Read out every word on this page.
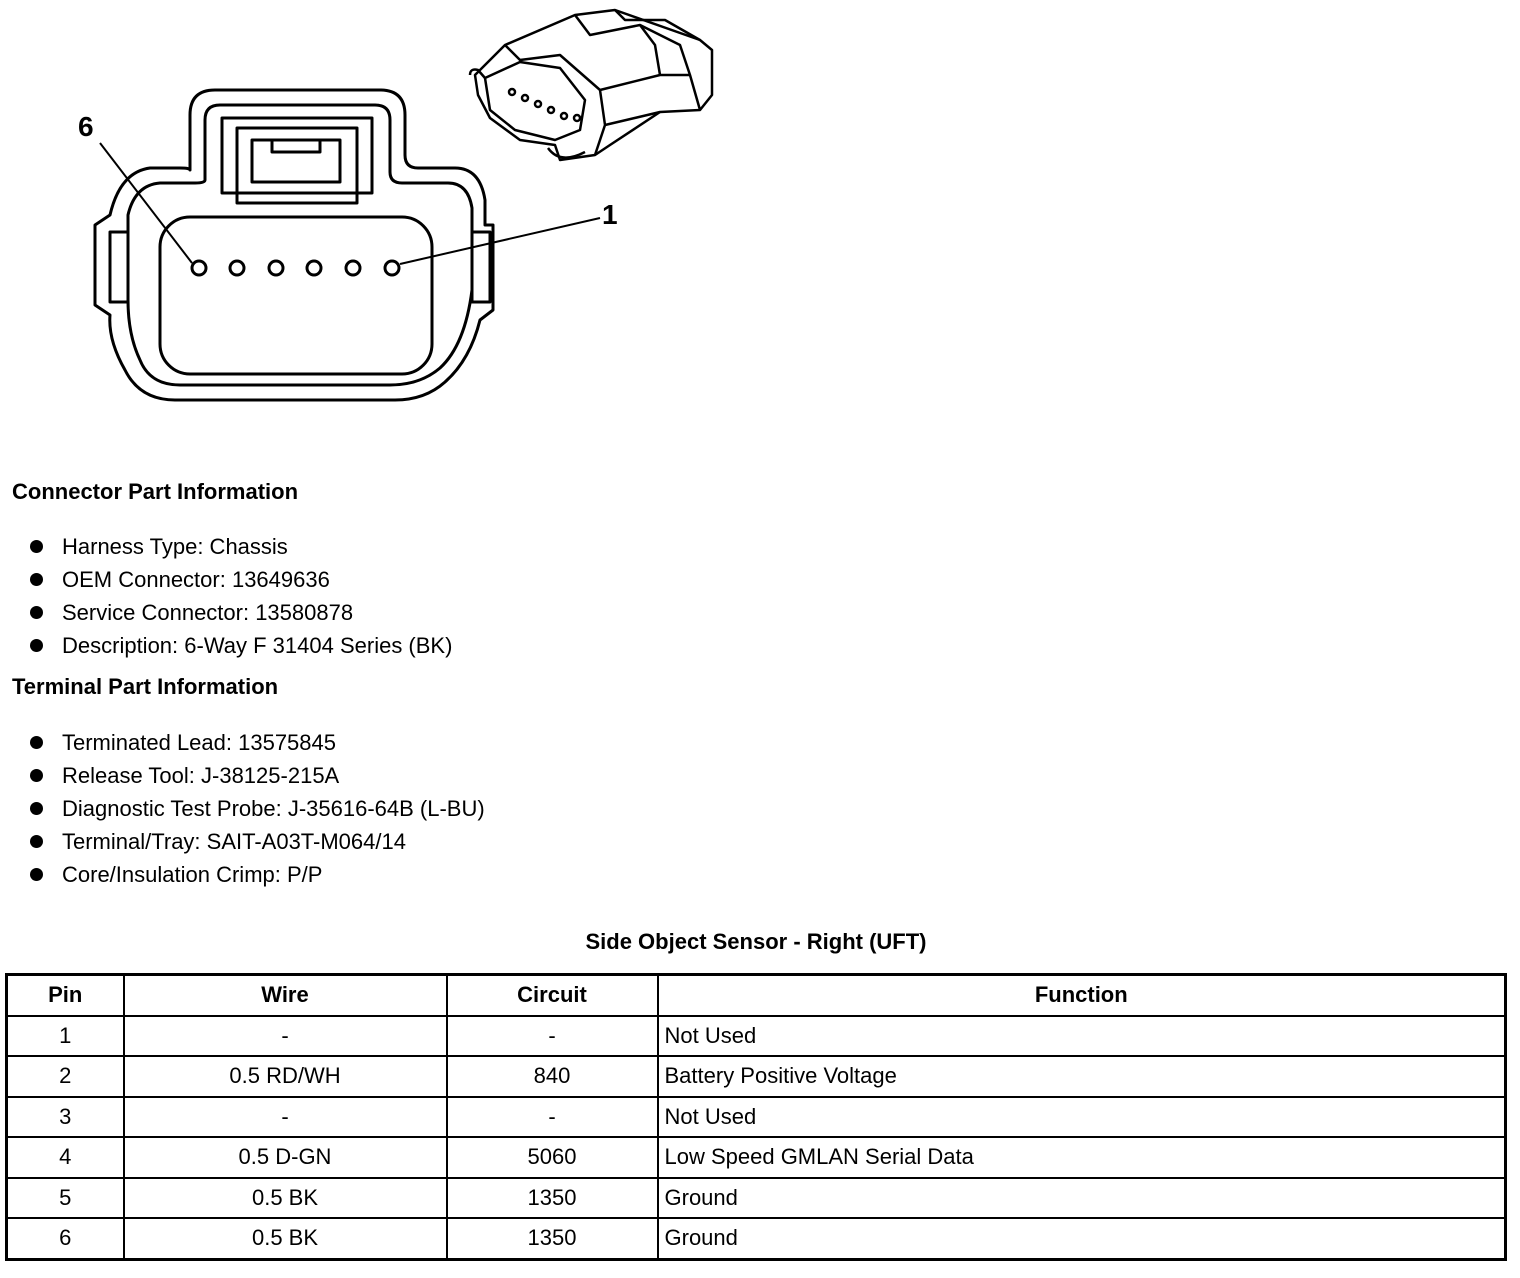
6
1
Connector Part Information
Harness Type: Chassis
OEM Connector: 13649636
Service Connector: 13580878
Description: 6-Way F 31404 Series (BK)
Terminal Part Information
Terminated Lead: 13575845
Release Tool: J-38125-215A
Diagnostic Test Probe: J-35616-64B (L-BU)
Terminal/Tray: SAIT-A03T-M064/14
Core/Insulation Crimp: P/P
Side Object Sensor - Right (UFT)
Pin	Wire	Circuit	Function
1	-	-	Not Used
2	0.5 RD/WH	840	Battery Positive Voltage
3	-	-	Not Used
4	0.5 D-GN	5060	Low Speed GMLAN Serial Data
5	0.5 BK	1350	Ground
6	0.5 BK	1350	Ground
